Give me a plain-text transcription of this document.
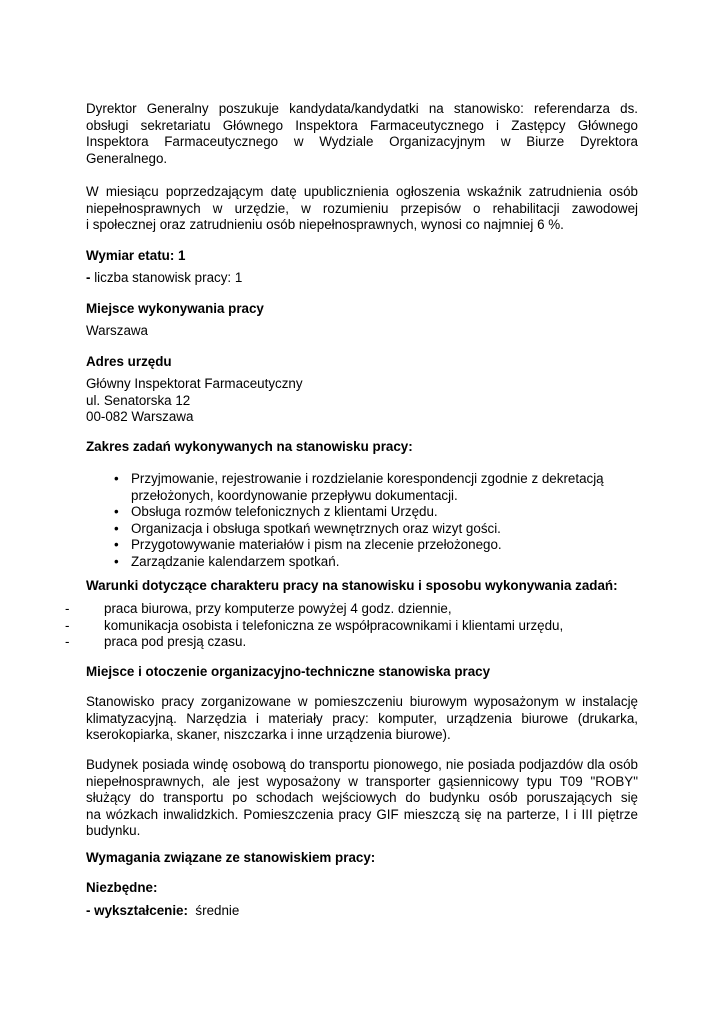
Dyrektor Generalny poszukuje kandydata/kandydatki na stanowisko: referendarza ds.
obsługi sekretariatu Głównego Inspektora Farmaceutycznego i Zastępcy Głównego
Inspektora Farmaceutycznego w Wydziale Organizacyjnym w Biurze Dyrektora
Generalnego.
W miesiącu poprzedzającym datę upublicznienia ogłoszenia wskaźnik zatrudnienia osób
niepełnosprawnych w urzędzie, w rozumieniu przepisów o rehabilitacji zawodowej
i społecznej oraz zatrudnieniu osób niepełnosprawnych, wynosi co najmniej 6 %.
Wymiar etatu: 1
- liczba stanowisk pracy: 1
Miejsce wykonywania pracy
Warszawa
Adres urzędu
Główny Inspektorat Farmaceutyczny
ul. Senatorska 12
00-082 Warszawa
Zakres zadań wykonywanych na stanowisku pracy:
• Przyjmowanie, rejestrowanie i rozdzielanie korespondencji zgodnie z dekretacją
przełożonych, koordynowanie przepływu dokumentacji.
• Obsługa rozmów telefonicznych z klientami Urzędu.
• Organizacja i obsługa spotkań wewnętrznych oraz wizyt gości.
• Przygotowywanie materiałów i pism na zlecenie przełożonego.
• Zarządzanie kalendarzem spotkań.
Warunki dotyczące charakteru pracy na stanowisku i sposobu wykonywania zadań:
-	praca biurowa, przy komputerze powyżej 4 godz. dziennie,
-	komunikacja osobista i telefoniczna ze współpracownikami i klientami urzędu,
-	praca pod presją czasu.
Miejsce i otoczenie organizacyjno-techniczne stanowiska pracy
Stanowisko pracy zorganizowane w pomieszczeniu biurowym wyposażonym w instalację
klimatyzacyjną. Narzędzia i materiały pracy: komputer, urządzenia biurowe (drukarka,
kserokopiarka, skaner, niszczarka i inne urządzenia biurowe).
Budynek posiada windę osobową do transportu pionowego, nie posiada podjazdów dla osób
niepełnosprawnych, ale jest wyposażony w transporter gąsiennicowy typu T09 "ROBY"
służący do transportu po schodach wejściowych do budynku osób poruszających się
na wózkach inwalidzkich. Pomieszczenia pracy GIF mieszczą się na parterze, I i III piętrze
budynku.
Wymagania związane ze stanowiskiem pracy:
Niezbędne:
- wykształcenie: średnie
